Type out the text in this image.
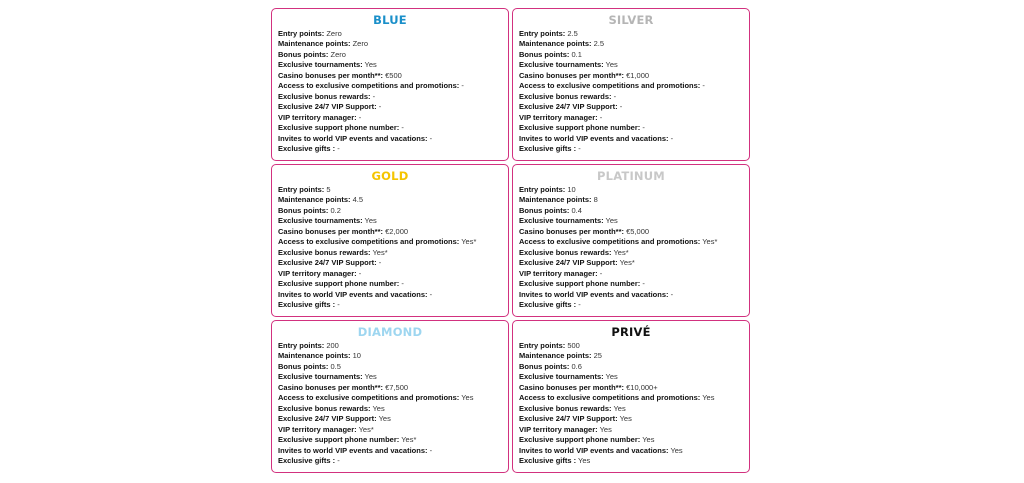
BLUE
Entry points: Zero
Maintenance points: Zero
Bonus points: Zero
Exclusive tournaments: Yes
Casino bonuses per month**: €500
Access to exclusive competitions and promotions: -
Exclusive bonus rewards: -
Exclusive 24/7 VIP Support: -
VIP territory manager: -
Exclusive support phone number: -
Invites to world VIP events and vacations: -
Exclusive gifts : -
SILVER
Entry points: 2.5
Maintenance points: 2.5
Bonus points: 0.1
Exclusive tournaments: Yes
Casino bonuses per month**: €1,000
Access to exclusive competitions and promotions: -
Exclusive bonus rewards: -
Exclusive 24/7 VIP Support: -
VIP territory manager: -
Exclusive support phone number: -
Invites to world VIP events and vacations: -
Exclusive gifts : -
GOLD
Entry points: 5
Maintenance points: 4.5
Bonus points: 0.2
Exclusive tournaments: Yes
Casino bonuses per month**: €2,000
Access to exclusive competitions and promotions: Yes*
Exclusive bonus rewards: Yes*
Exclusive 24/7 VIP Support: -
VIP territory manager: -
Exclusive support phone number: -
Invites to world VIP events and vacations: -
Exclusive gifts : -
PLATINUM
Entry points: 10
Maintenance points: 8
Bonus points: 0.4
Exclusive tournaments: Yes
Casino bonuses per month**: €5,000
Access to exclusive competitions and promotions: Yes*
Exclusive bonus rewards: Yes*
Exclusive 24/7 VIP Support: Yes*
VIP territory manager: -
Exclusive support phone number: -
Invites to world VIP events and vacations: -
Exclusive gifts : -
DIAMOND
Entry points: 200
Maintenance points: 10
Bonus points: 0.5
Exclusive tournaments: Yes
Casino bonuses per month**: €7,500
Access to exclusive competitions and promotions: Yes
Exclusive bonus rewards: Yes
Exclusive 24/7 VIP Support: Yes
VIP territory manager: Yes*
Exclusive support phone number: Yes*
Invites to world VIP events and vacations: -
Exclusive gifts : -
PRIVÉ
Entry points: 500
Maintenance points: 25
Bonus points: 0.6
Exclusive tournaments: Yes
Casino bonuses per month**: €10,000+
Access to exclusive competitions and promotions: Yes
Exclusive bonus rewards: Yes
Exclusive 24/7 VIP Support: Yes
VIP territory manager: Yes
Exclusive support phone number: Yes
Invites to world VIP events and vacations: Yes
Exclusive gifts : Yes
